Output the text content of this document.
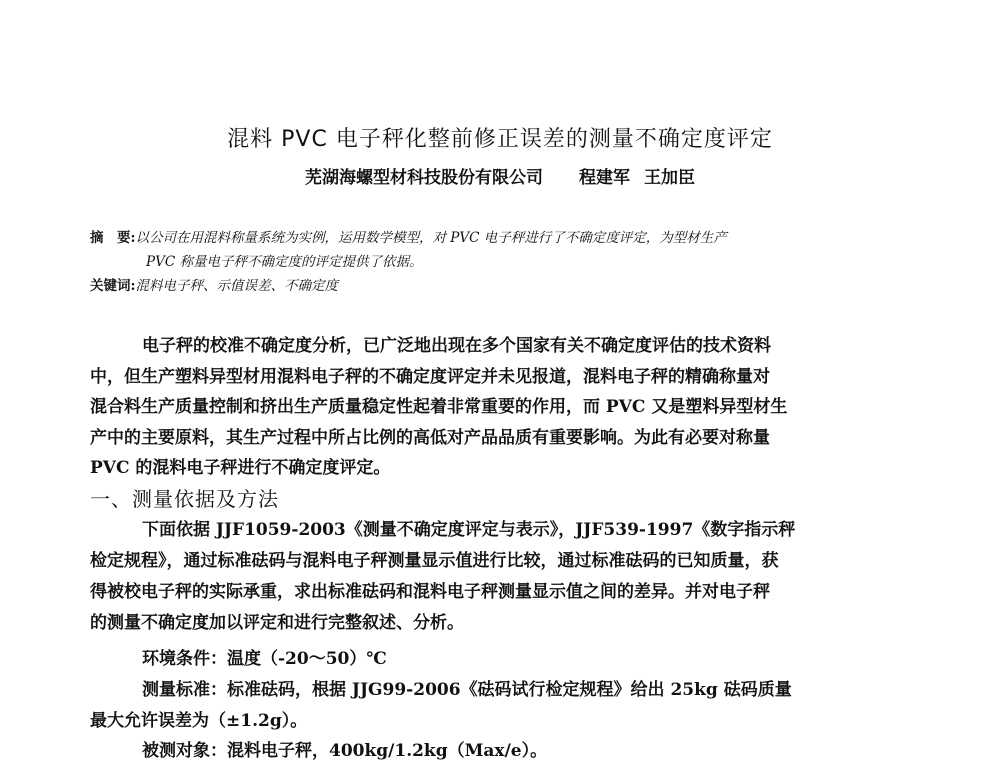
混料 PVC 电子秤化整前修正误差的测量不确定度评定
芜湖海螺型材科技股份有限公司 程建军 王加臣
摘　要:以公司在用混料称量系统为实例，运用数学模型，对 PVC 电子秤进行了不确定度评定，为型材生产
PVC 称量电子秤不确定度的评定提供了依据。
关键词:混料电子秤、示值误差、不确定度
电子秤的校准不确定度分析，已广泛地出现在多个国家有关不确定度评估的技术资料
中，但生产塑料异型材用混料电子秤的不确定度评定并未见报道，混料电子秤的精确称量对
混合料生产质量控制和挤出生产质量稳定性起着非常重要的作用，而 PVC 又是塑料异型材生
产中的主要原料，其生产过程中所占比例的高低对产品品质有重要影响。为此有必要对称量
PVC 的混料电子秤进行不确定度评定。
一、测量依据及方法
下面依据 JJF1059-2003《测量不确定度评定与表示》，JJF539-1997《数字指示秤
检定规程》，通过标准砝码与混料电子秤测量显示值进行比较，通过标准砝码的已知质量，获
得被校电子秤的实际承重，求出标准砝码和混料电子秤测量显示值之间的差异。并对电子秤
的测量不确定度加以评定和进行完整叙述、分析。
环境条件：温度（-20～50）℃
测量标准：标准砝码，根据 JJG99-2006《砝码试行检定规程》给出 25kg 砝码质量
最大允许误差为（±1.2g）。
被测对象：混料电子秤，400kg/1.2kg（Max/e）。
